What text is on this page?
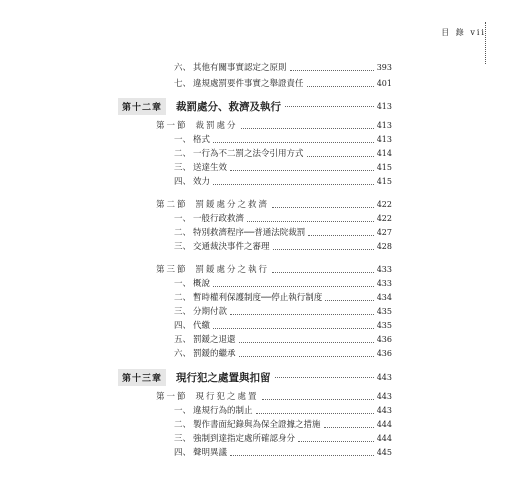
目 錄 vii
六、 其他有關事實認定之原則	393
七、 違規處罰要件事實之舉證責任	401
第十二章	裁罰處分、救濟及執行	413
第一節 裁罰處分	413
一、 格式	413
二、 一行為不二罰之法令引用方式	414
三、 送達生效	415
四、 效力	415
第二節 罰鍰處分之救濟	422
一、 一般行政救濟	422
二、 特別救濟程序──普通法院裁罰	427
三、 交通裁決事件之審理	428
第三節 罰鍰處分之執行	433
一、 概說	433
二、 暫時權利保護制度──停止執行制度	434
三、 分期付款	435
四、 代繳	435
五、 罰鍰之退還	436
六、 罰鍰的繼承	436
第十三章	現行犯之處置與扣留	443
第一節 現行犯之處置	443
一、 違規行為的制止	443
二、 製作書面紀錄與為保全證據之措施	444
三、 強制到達指定處所確認身分	444
四、 聲明異議	445
